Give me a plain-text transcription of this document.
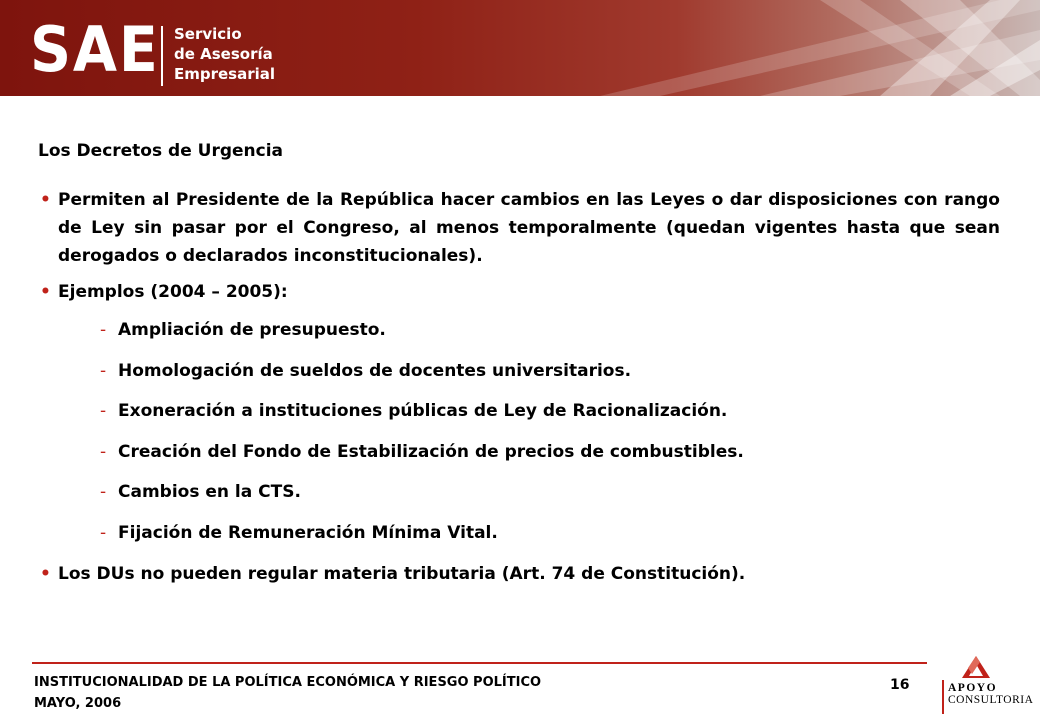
SAE Servicio
de Asesoría
Empresarial
Los Decretos de Urgencia
• Permiten al Presidente de la República hacer cambios en las Leyes o dar disposiciones con rango de Ley sin pasar por el Congreso, al menos temporalmente (quedan vigentes hasta que sean derogados o declarados inconstitucionales).
• Ejemplos (2004 – 2005):
- Ampliación de presupuesto.
- Homologación de sueldos de docentes universitarios.
- Exoneración a instituciones públicas de Ley de Racionalización.
- Creación del Fondo de Estabilización de precios de combustibles.
- Cambios en la CTS.
- Fijación de Remuneración Mínima Vital.
• Los DUs no pueden regular materia tributaria (Art. 74 de Constitución).
INSTITUCIONALIDAD DE LA POLÍTICA ECONÓMICA Y RIESGO POLÍTICO
MAYO, 2006
16	APOYO
CONSULTORIA
